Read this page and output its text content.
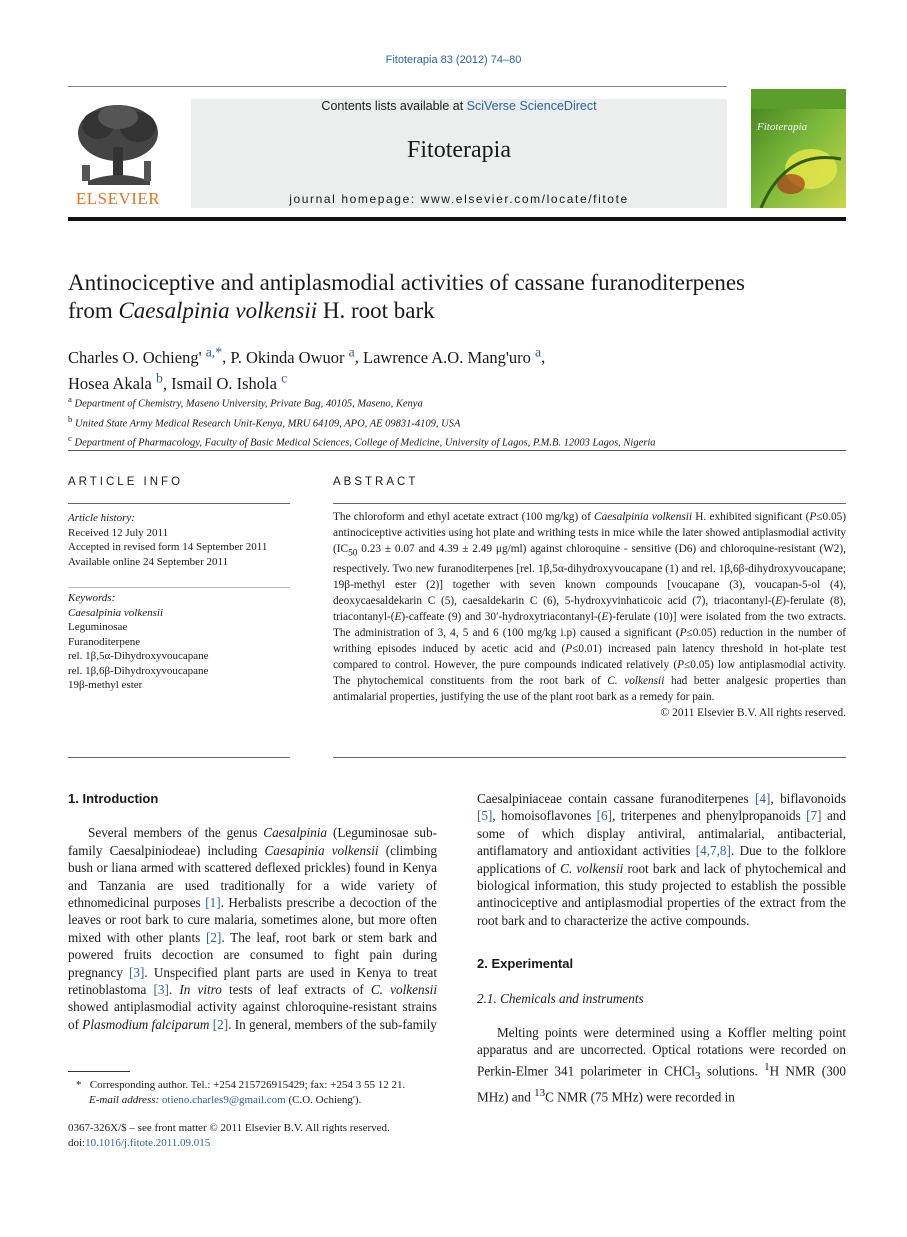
Fitoterapia 83 (2012) 74–80
ELSEVIER
Contents lists available at SciVerse ScienceDirect
Fitoterapia
journal homepage: www.elsevier.com/locate/fitote
Fitoterapia
Antinociceptive and antiplasmodial activities of cassane furanoditerpenes
from Caesalpinia volkensii H. root bark
Charles O. Ochieng' $^{a,*}$, P. Okinda Owuor $^a$, Lawrence A.O. Mang'uro $^a$,
Hosea Akala $^b$, Ismail O. Ishola $^c$
$^a$ Department of Chemistry, Maseno University, Private Bag, 40105, Maseno, Kenya
$^b$ United State Army Medical Research Unit-Kenya, MRU 64109, APO, AE 09831-4109, USA
$^c$ Department of Pharmacology, Faculty of Basic Medical Sciences, College of Medicine, University of Lagos, P.M.B. 12003 Lagos, Nigeria
ARTICLE INFO	ABSTRACT
Article history:
Received 12 July 2011
Accepted in revised form 14 September 2011
Available online 24 September 2011
Keywords:
Caesalpinia volkensii
Leguminosae
Furanoditerpene
rel. 1β,5α-Dihydroxyvoucapane
rel. 1β,6β-Dihydroxyvoucapane
19β-methyl ester
The chloroform and ethyl acetate extract (100 mg/kg) of Caesalpinia volkensii H. exhibited significant (P≤0.05) antinociceptive activities using hot plate and writhing tests in mice while the later showed antiplasmodial activity ($IC_{50}$ 0.23 ± 0.07 and 4.39 ± 2.49 μg/ml) against chloroquine - sensitive (D6) and chloroquine-resistant (W2), respectively. Two new furanoditerpenes [rel. 1β,5α-dihydroxyvoucapane (1) and rel. 1β,6β-dihydroxyvoucapane; 19β-methyl ester (2)] together with seven known compounds [voucapane (3), voucapan-5-ol (4), deoxycaesaldekarin C (5), caesaldekarin C (6), 5-hydroxyvinhaticoic acid (7), triacontanyl-(E)-ferulate (8), triacontanyl-(E)-caffeate (9) and 30′-hydroxytriacontanyl-(E)-ferulate (10)] were isolated from the two extracts. The administration of 3, 4, 5 and 6 (100 mg/kg i.p) caused a significant (P≤0.05) reduction in the number of writhing episodes induced by acetic acid and (P≤0.01) increased pain latency threshold in hot-plate test compared to control. However, the pure compounds indicated relatively (P≤0.05) low antiplasmodial activity. The phytochemical constituents from the root bark of C. volkensii had better analgesic properties than antimalarial properties, justifying the use of the plant root bark as a remedy for pain.
© 2011 Elsevier B.V. All rights reserved.
1. Introduction

Several members of the genus Caesalpinia (Leguminosae sub-family Caesalpiniodeae) including Caesapinia volkensii (climbing bush or liana armed with scattered deflexed prickles) found in Kenya and Tanzania are used traditionally for a wide variety of ethnomedicinal purposes [1]. Herbalists prescribe a decoction of the leaves or root bark to cure malaria, sometimes alone, but more often mixed with other plants [2]. The leaf, root bark or stem bark and powered fruits decoction are consumed to fight pain during pregnancy [3]. Unspecified plant parts are used in Kenya to treat retinoblastoma [3]. In vitro tests of leaf extracts of C. volkensii showed antiplasmodial activity against chloroquine-resistant strains of Plasmodium falciparum [2]. In general, members of the sub-family

* Corresponding author. Tel.: +254 215726915429; fax: +254 3 55 12 21.
E-mail address: otieno.charles9@gmail.com (C.O. Ochieng').
0367-326X/$ – see front matter © 2011 Elsevier B.V. All rights reserved.
doi:10.1016/j.fitote.2011.09.015

Caesalpiniaceae contain cassane furanoditerpenes [4], biflavonoids [5], homoisoflavones [6], triterpenes and phenylpropanoids [7] and some of which display antiviral, antimalarial, antibacterial, antiflamatory and antioxidant activities [4,7,8]. Due to the folklore applications of C. volkensii root bark and lack of phytochemical and biological information, this study projected to establish the possible antinociceptive and antiplasmodial properties of the extract from the root bark and to characterize the active compounds.

2. Experimental
2.1. Chemicals and instruments

Melting points were determined using a Koffler melting point apparatus and are uncorrected. Optical rotations were recorded on Perkin-Elmer 341 polarimeter in CHCl$_3$ solutions. $^1$H NMR (300 MHz) and $^{13}$C NMR (75 MHz) were recorded in
